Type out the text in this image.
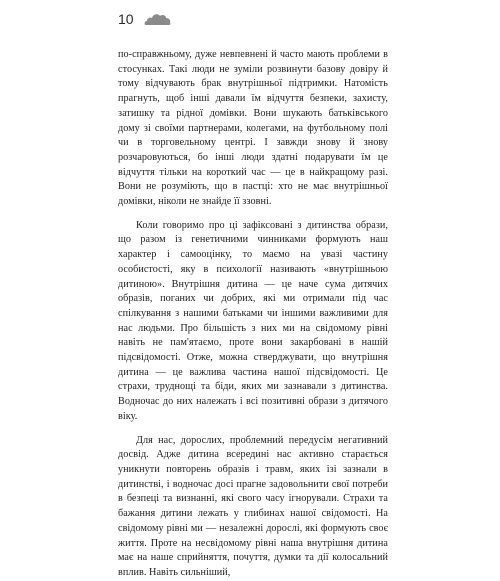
10

по-справжньому, дуже невпевнені й часто мають проблеми в стосунках. Такі люди не зуміли розвинути базову довіру й тому відчувають брак внутрішньої підтримки. Натомість прагнуть, щоб інші давали їм відчуття безпеки, захисту, затишку та рідної домівки. Вони шукають батьківського дому зі своїми партнерами, колегами, на футбольному полі чи в торговельному центрі. І завжди знову й знову розчаровуються, бо інші люди здатні подарувати їм це відчуття тільки на короткий час — це в найкращому разі. Вони не розуміють, що в пастці: хто не має внутрішньої домівки, ніколи не знайде її ззовні.

Коли говоримо про ці зафіксовані з дитинства образи, що разом із генетичними чинниками формують наш характер і самооцінку, то маємо на увазі частину особистості, яку в психології називають «внутрішньою дитиною». Внутрішня дитина — це наче сума дитячих образів, поганих чи добрих, які ми отримали під час спілкування з нашими батьками чи іншими важливими для нас людьми. Про більшість з них ми на свідомому рівні навіть не пам'ятаємо, проте вони закарбовані в нашій підсвідомості. Отже, можна стверджувати, що внутрішня дитина — це важлива частина нашої підсвідомості. Це страхи, труднощі та біди, яких ми зазнавали з дитинства. Водночас до них належать і всі позитивні образи з дитячого віку.

Для нас, дорослих, проблемний передусім негативний досвід. Адже дитина всередині нас активно старається уникнути повторень образів і травм, яких ізі зазнали в дитинстві, і водночас досі прагне задовольнити свої потреби в безпеці та визнанні, які свого часу ігнорували. Страхи та бажання дитини лежать у глибинах нашої свідомості. На свідомому рівні ми — незалежні дорослі, які формують своє життя. Проте на несвідомому рівні наша внутрішня дитина має на наше сприйняття, почуття, думки та дії колосальний вплив. Навіть сильніший,
